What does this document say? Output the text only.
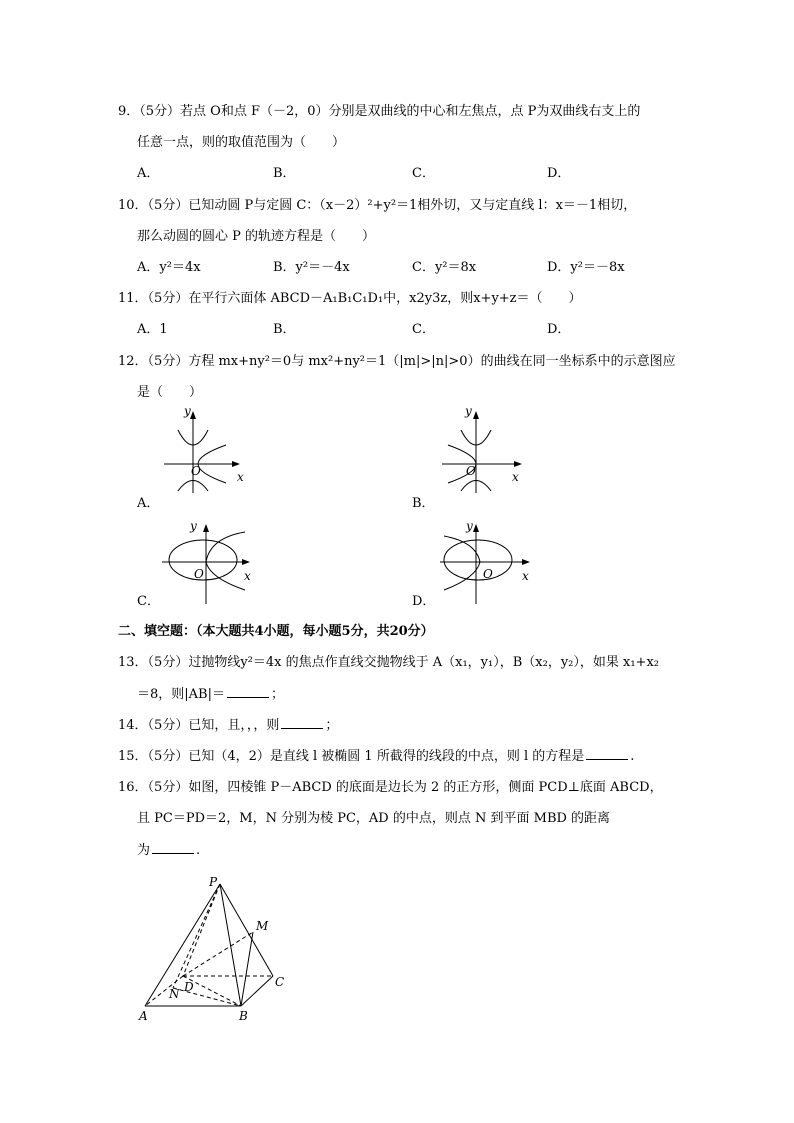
9．（5分）若点 O和点 F（－2，0）分别是双曲线的中心和左焦点，点 P为双曲线右支上的
任意一点，则的取值范围为（　　）
A．	B．	C．	D．
10．（5分）已知动圆 P与定圆 C：（x－2）²+y²＝1相外切，又与定直线 l：x＝－1相切，
那么动圆的圆心 P 的轨迹方程是（　　）
A．y²＝4x	B．y²＝－4x	C．y²＝8x	D．y²＝－8x
11．（5分）在平行六面体 ABCD－A₁B₁C₁D₁中，x2y3z，则x+y+z＝（　　）
A．1	B．	C．	D．
12．（5分）方程 mx+ny²＝0与 mx²+ny²＝1（|m|>|n|>0）的曲线在同一坐标系中的示意图应
是（　　）
y
x
O
A．
y
x
O
B．
y
x
O
C．
y
x
O
D．
二、填空题：（本大题共4小题，每小题5分，共20分）
13．（5分）过抛物线y²＝4x 的焦点作直线交抛物线于 A（x₁，y₁），B（x₂，y₂），如果 x₁+x₂
＝8，则|AB|＝	；
14．（5分）已知，且，，，则	；
15．（5分）已知（4，2）是直线 l 被椭圆 1 所截得的线段的中点，则 l 的方程是	.
16．（5分）如图，四棱锥 P－ABCD 的底面是边长为 2 的正方形，侧面 PCD⊥底面 ABCD，
且 PC＝PD＝2，M，N 分别为棱 PC，AD 的中点，则点 N 到平面 MBD 的距离
为	.
P
M
D
N
C
A	B
